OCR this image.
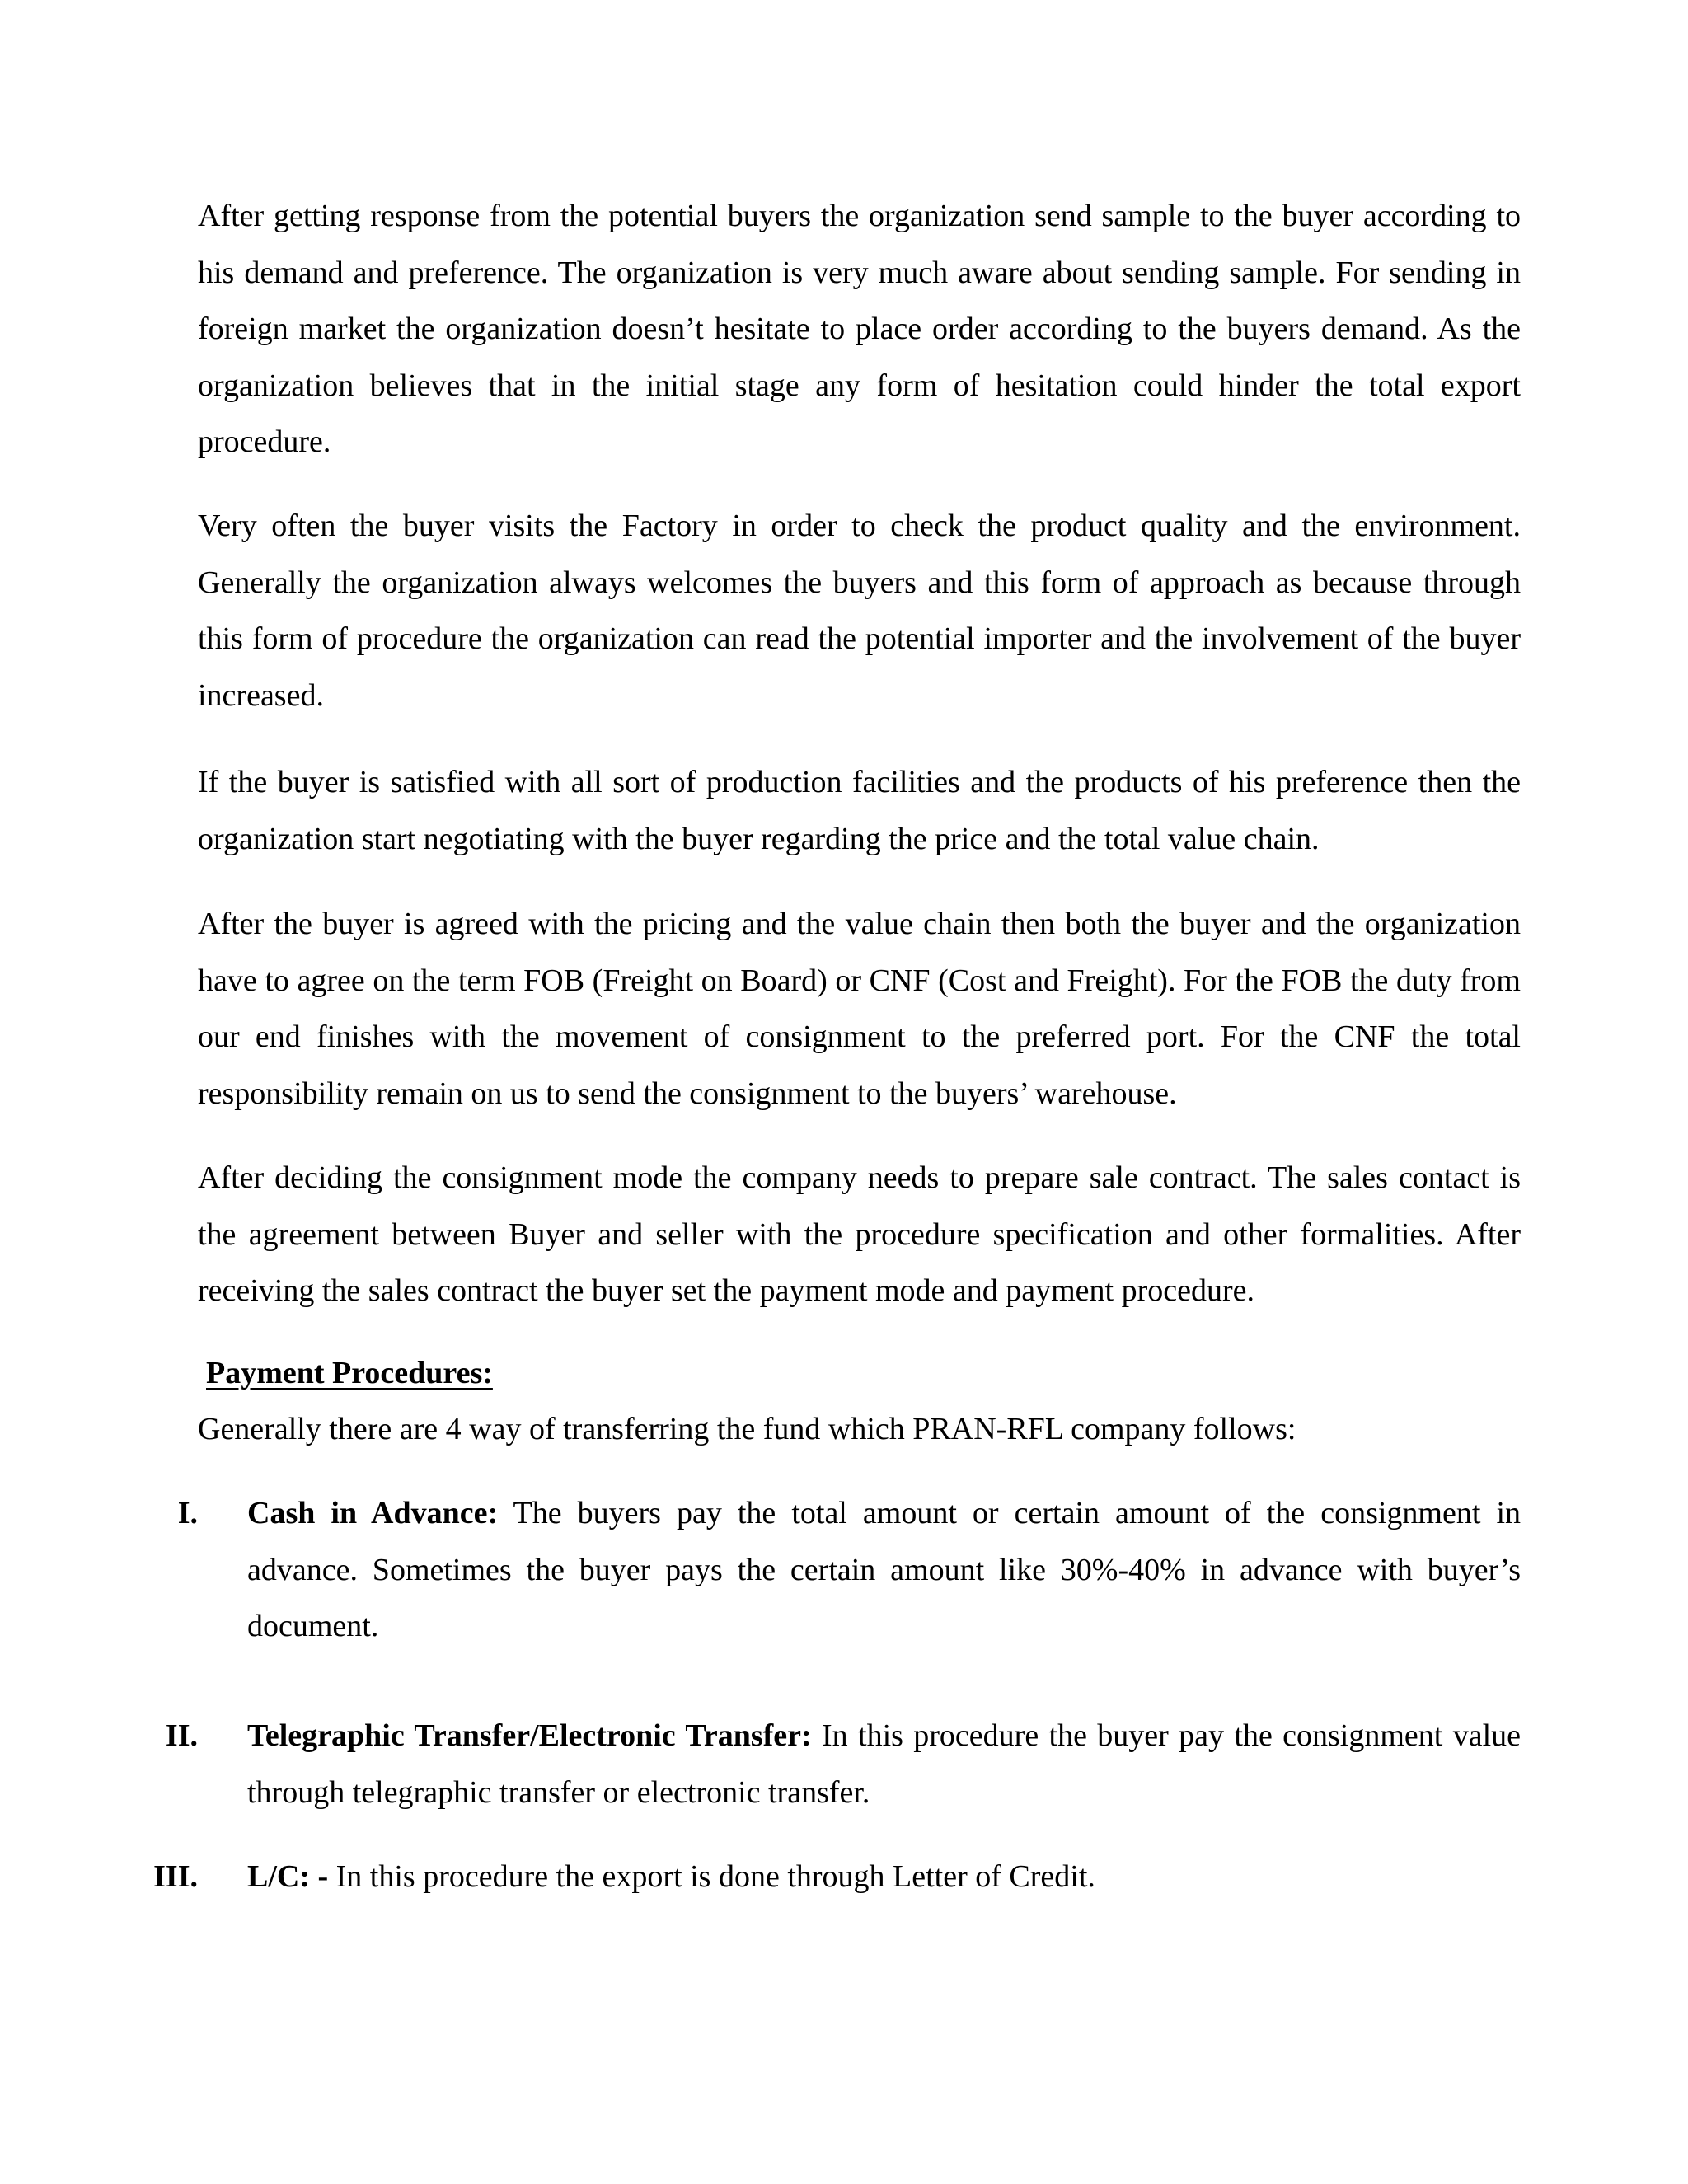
After getting response from the potential buyers the organization send sample to the buyer according to his demand and preference. The organization is very much aware about sending sample. For sending in foreign market the organization doesn’t hesitate to place order according to the buyers demand. As the organization believes that in the initial stage any form of hesitation could hinder the total export procedure.

Very often the buyer visits the Factory in order to check the product quality and the environment. Generally the organization always welcomes the buyers and this form of approach as because through this form of procedure the organization can read the potential importer and the involvement of the buyer increased.

If the buyer is satisfied with all sort of production facilities and the products of his preference then the organization start negotiating with the buyer regarding the price and the total value chain.

After the buyer is agreed with the pricing and the value chain then both the buyer and the organization have to agree on the term FOB (Freight on Board) or CNF (Cost and Freight). For the FOB the duty from our end finishes with the movement of consignment to the preferred port. For the CNF the total responsibility remain on us to send the consignment to the buyers’ warehouse.

After deciding the consignment mode the company needs to prepare sale contract. The sales contact is the agreement between Buyer and seller with the procedure specification and other formalities. After receiving the sales contract the buyer set the payment mode and payment procedure.

Payment Procedures:

Generally there are 4 way of transferring the fund which PRAN-RFL company follows:

I. Cash in Advance: The buyers pay the total amount or certain amount of the consignment in advance. Sometimes the buyer pays the certain amount like 30%-40% in advance with buyer’s document.

II. Telegraphic Transfer/Electronic Transfer: In this procedure the buyer pay the consignment value through telegraphic transfer or electronic transfer.

III. L/C: - In this procedure the export is done through Letter of Credit.
